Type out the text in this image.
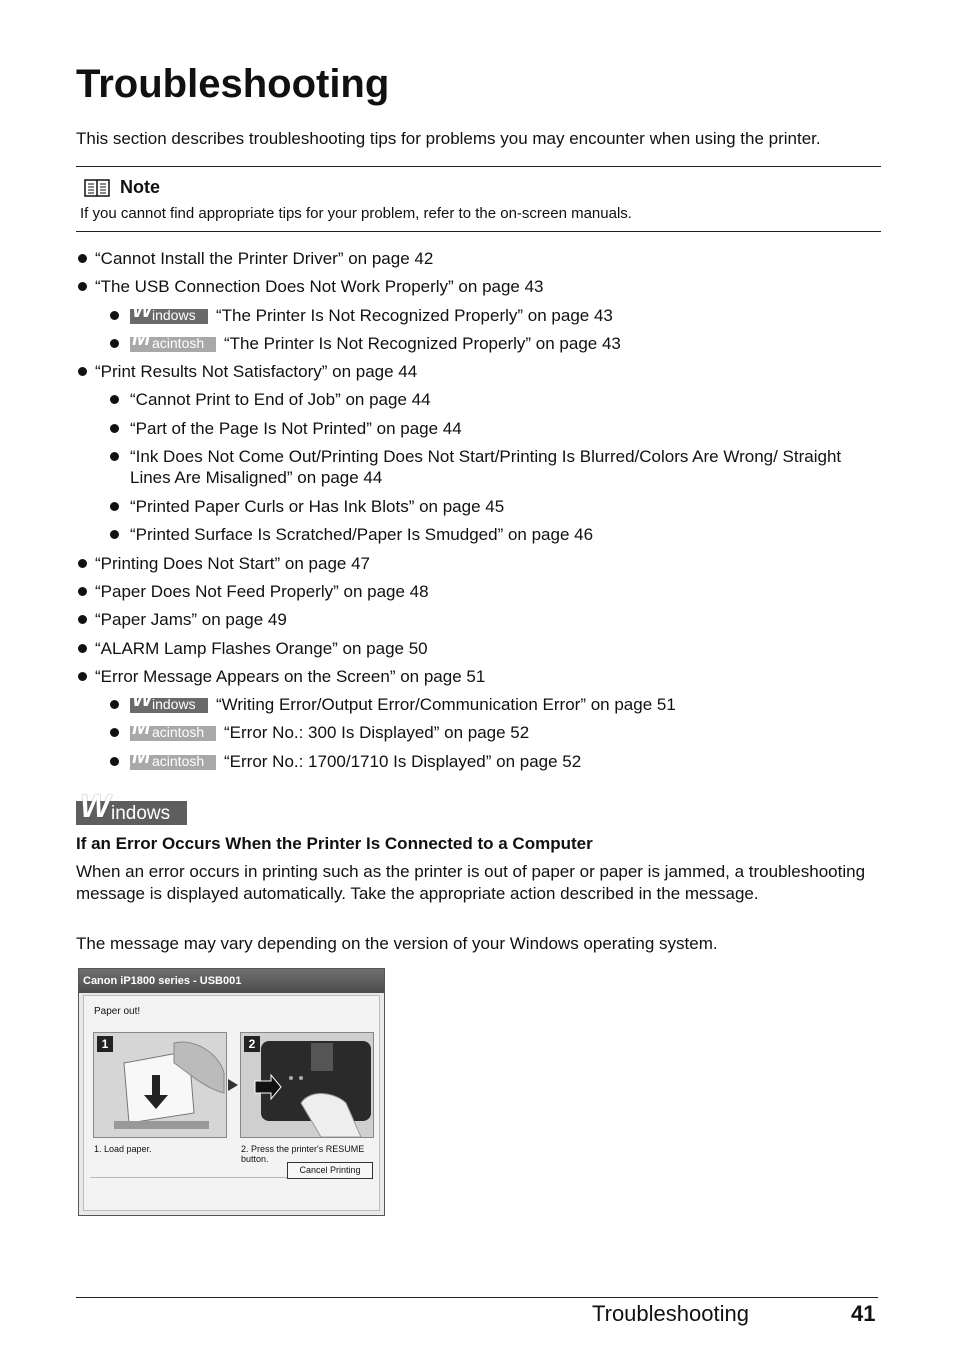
Troubleshooting
This section describes troubleshooting tips for problems you may encounter when using the printer.
Note
If you cannot find appropriate tips for your problem, refer to the on-screen manuals.
“Cannot Install the Printer Driver” on page 42
“The USB Connection Does Not Work Properly” on page 43
W indows “The Printer Is Not Recognized Properly” on page 43
M acintosh “The Printer Is Not Recognized Properly” on page 43
“Print Results Not Satisfactory” on page 44
“Cannot Print to End of Job” on page 44
“Part of the Page Is Not Printed” on page 44
“Ink Does Not Come Out/Printing Does Not Start/Printing Is Blurred/Colors Are Wrong/ Straight Lines Are Misaligned” on page 44
“Printed Paper Curls or Has Ink Blots” on page 45
“Printed Surface Is Scratched/Paper Is Smudged” on page 46
“Printing Does Not Start” on page 47
“Paper Does Not Feed Properly” on page 48
“Paper Jams” on page 49
“ALARM Lamp Flashes Orange” on page 50
“Error Message Appears on the Screen” on page 51
W indows “Writing Error/Output Error/Communication Error” on page 51
M acintosh “Error No.: 300 Is Displayed” on page 52
M acintosh “Error No.: 1700/1710 Is Displayed” on page 52
W indows
If an Error Occurs When the Printer Is Connected to a Computer
When an error occurs in printing such as the printer is out of paper or paper is jammed, a troubleshooting message is displayed automatically. Take the appropriate action described in the message.
The message may vary depending on the version of your Windows operating system.
Canon iP1800 series - USB001
Paper out!
1	2
1. Load paper.	2. Press the printer's RESUME button.
Cancel Printing
Troubleshooting	41
